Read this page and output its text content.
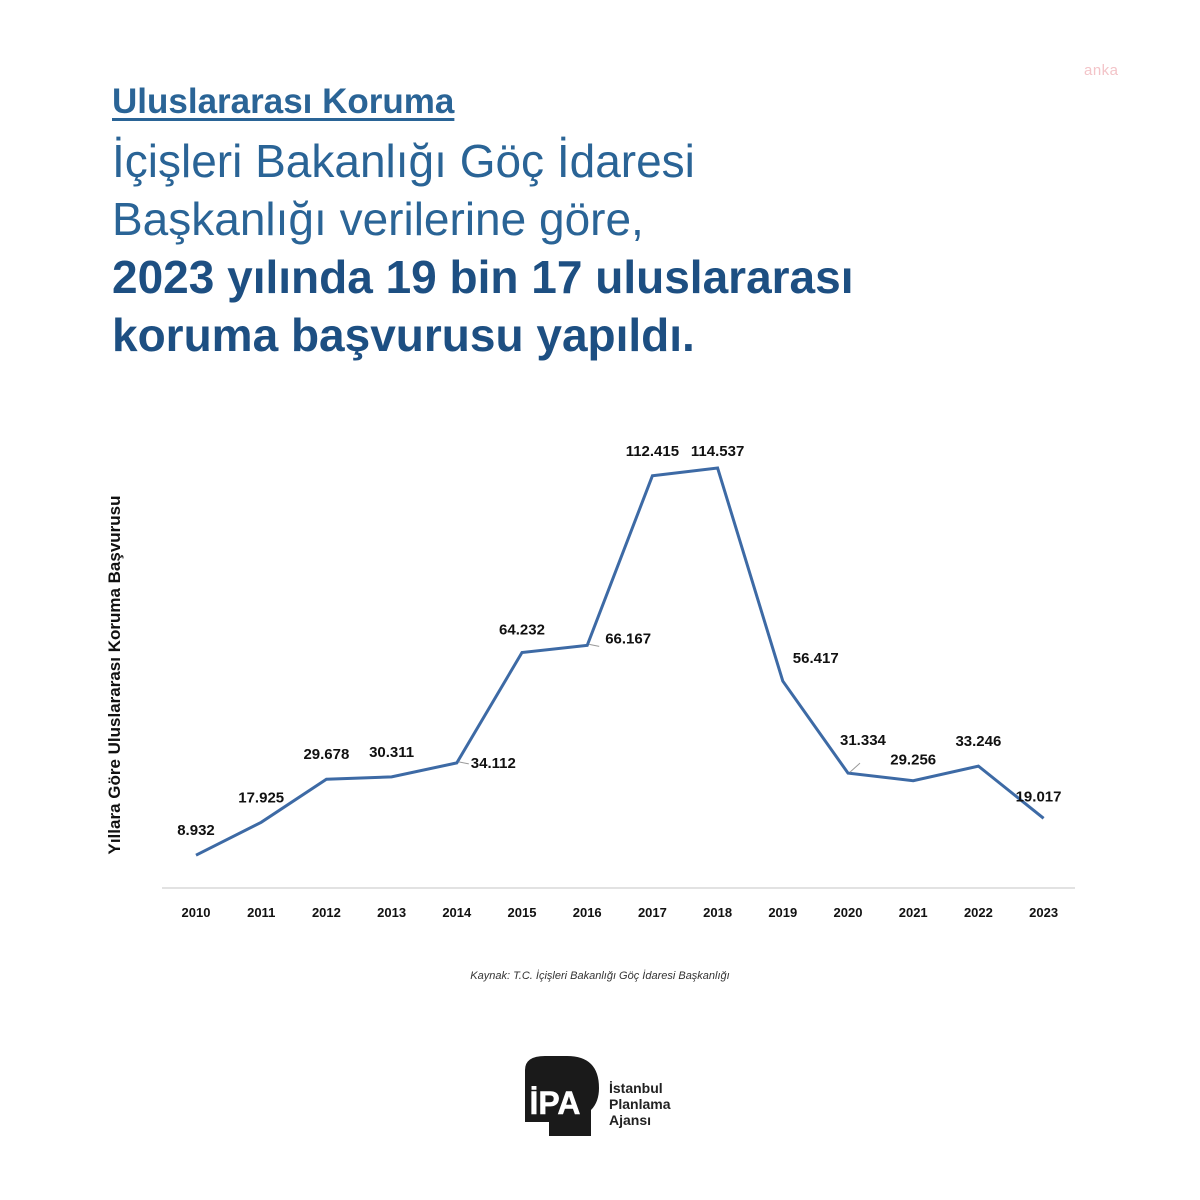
anka

Uluslararası Koruma

İçişleri Bakanlığı Göç İdaresi
Başkanlığı verilerine göre,
2023 yılında 19 bin 17 uluslararası
koruma başvurusu yapıldı.
Yıllara Göre Uluslararası Koruma Başvurusu
2010	2011	2012	2013	2014	2015	2016	2017	2018	2019	2020	2021	2022	2023
8.932
17.925
29.678 30.311
34.112
64.232
66.167
112.415 114.537
56.417
31.334
29.256
33.246
19.017
Kaynak: T.C. İçişleri Bakanlığı Göç İdaresi Başkanlığı
İPA İstanbul
Planlama
Ajansı
